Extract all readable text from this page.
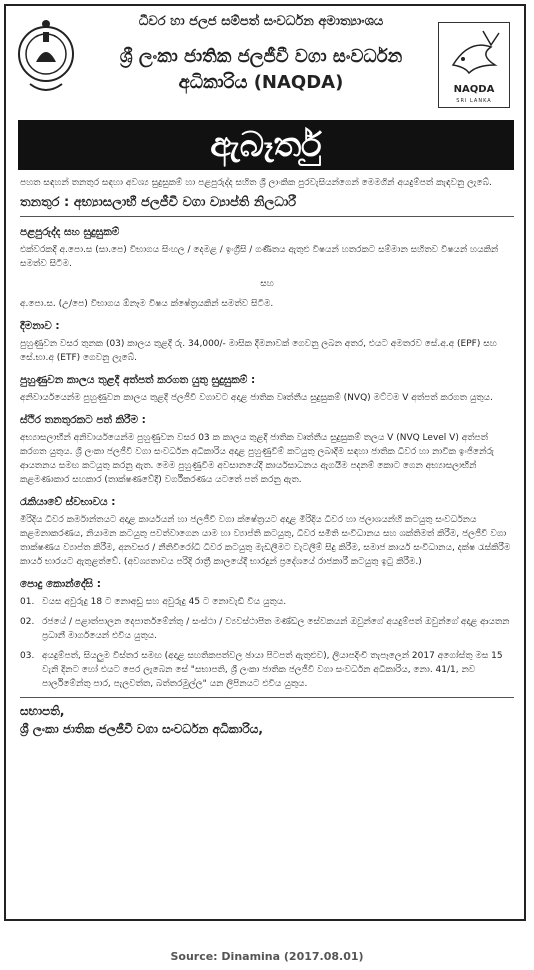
ධීවර හා ජලජ සම්පත් සංවර්ධන අමාත්‍යාංශය
ශ්‍රී ලංකා ජාතික ජලජීවී වගා සංවර්ධන
අධිකාරිය (NAQDA)	NAQDA
SRI LANKA
ඇබෑර්තු
පහත සඳහන් තනතුර සඳහා අවශ්‍ය සුදුසුකම් හා පළපුරුද්ද සහිත ශ්‍රී ලාංකික පුරවැසියන්ගෙන් මෙමගින් අයදුම්පත් කැඳවනු ලැබේ.
තනතුර : අභ්‍යාසලාභී ජලජීවී වගා ව්‍යාප්ති නිලධාරී
පළපුරුද්ද සහ සුදුසුකම්
එක්වරකදී අ.පො.ස (සා.පෙ) විභාගය සිංහල / දෙමළ / ඉංග්‍රීසි / ගණිතය ඇතුළු විෂයන් හතරකට සම්මාන සහිතව විෂයන් හයකින් සමත්ව සිටීම.
සහ
අ.පො.ස. (උ/පෙ) විභාගය ඕනෑම විෂය ක්ෂේත්‍රයකින් සමත්ව සිටීම.
දීමනාව :
පුහුණුවන වසර තුනක (03) කාලය තුළදී රු. 34,000/- මාසික දීමනාවක් ගෙවනු ලබන අතර, එයට අමතරව සේ.අ.අ (EPF) සහ සේ.භා.අ (ETF) ගෙවනු ලැබේ.
පුහුණුවන කාලය තුළදී අත්පත් කරගත යුතු සුදුසුකම් :
අනිවාර්යයෙන්ම පුහුණුවන කාලය තුළදී ජලජීවී වගාවට අදාළ ජාතික වෘත්තීය සුදුසුකම් (NVQ) මට්ටම V අත්පත් කරගත යුතුය.
ස්ථිර තනතුරකට පත් කිරීම :
අභ්‍යාසලාභීන් අනිවාර්යයෙන්ම පුහුණුවන වසර 03 ක කාලය තුළදී ජාතික වෘත්තීය සුදුසුකම් තලය V (NVQ Level V) අත්පත් කරගත යුතුය. ශ්‍රී ලංකා ජලජීවී වගා සංවර්ධන අධිකාරිය අදාළ පුහුණුවීම් කටයුතු ලබාදීම සඳහා ජාතික ධීවර හා නාවික ඉංජිනේරු ආයතනය සමඟ කටයුතු කරනු ඇත. මෙම පුහුණුවීම අවසානයේදී කාර්යසාධනය ඇගයීම පදනම් කොට ගෙන අභ්‍යාසලාභීන් කළමණාකාර සහකාර (තාක්ෂණවේදී) වර්ගීකරණය යටතේ පත් කරනු ඇත.
රැකියාවේ ස්වභාවය :
මිරිදිය ධීවර කර්මාන්තයට අදාළ කාර්යයන් හා ජලජීවී වගා ක්ෂේත්‍රයට අදාළ මිරිදිය ධීවර හා ජලාශයන්හි කටයුතු සංවර්ධනය කළමනාකරණය, නියාමන කටයුතු පවත්වාගෙන යාම හා ව්‍යාප්ති කටයුතු, ධීවර සමිති සංවිධානය සහ ශක්තිමත් කිරීම, ජලජීවී වගා තාක්ෂණය ව්‍යාප්ත කිරීම, අනවසර / නීතිවිරෝධී ධීවර කටයුතු මැඩලීමට වැටලීම් සිදු කිරීම, සමාජ කාර්ය සංවිධානය, දක්ෂ රැස්කිරීම කාර්ය භාරයට ඇතුළත්වේ. (අවශ්‍යතාවය පරිදි රාත්‍රී කාලයේදී භාරදුන් ප්‍රදේශයේ රාජකාරී කටයුතු ඉටු කිරීම.)
පොදු කොන්දේසි :
01. වයස අවුරුදු 18 ට නොඅඩු සහ අවුරුදු 45 ට නොවැඩි විය යුතුය.
02. රජයේ / පළාත්පාලන දෙපාර්තමේන්තු / සංස්ථා / ව්‍යවස්ථාපිත මණ්ඩල සේවකයන් ඔවුන්ගේ අයදුම්පත් ඔවුන්ගේ අදාළ ආයතන ප්‍රධානී මාර්ගයෙන් එවිය යුතුය.
03. අයදුම්පත්, සියලුම විස්තර සමඟ (අදාළ සහතිකපත්වල ඡායා පිටපත් ඇතුළුව), ලියාපදිංචි තැපෑලෙන් 2017 අගෝස්තු මස 15 වැනි දිනට හෝ එයට පෙර ලැබෙන සේ "සභාපති, ශ්‍රී ලංකා ජාතික ජලජීවී වගා සංවර්ධන අධිකාරිය, නො. 41/1, නව පාර්ලිමේන්තු පාර, පැලවත්ත, බත්තරමුල්ල" යන ලිපිනයට එවිය යුතුය.
සභාපති,
ශ්‍රී ලංකා ජාතික ජලජීවී වගා සංවර්ධන අධිකාරිය,
Source: Dinamina (2017.08.01)
